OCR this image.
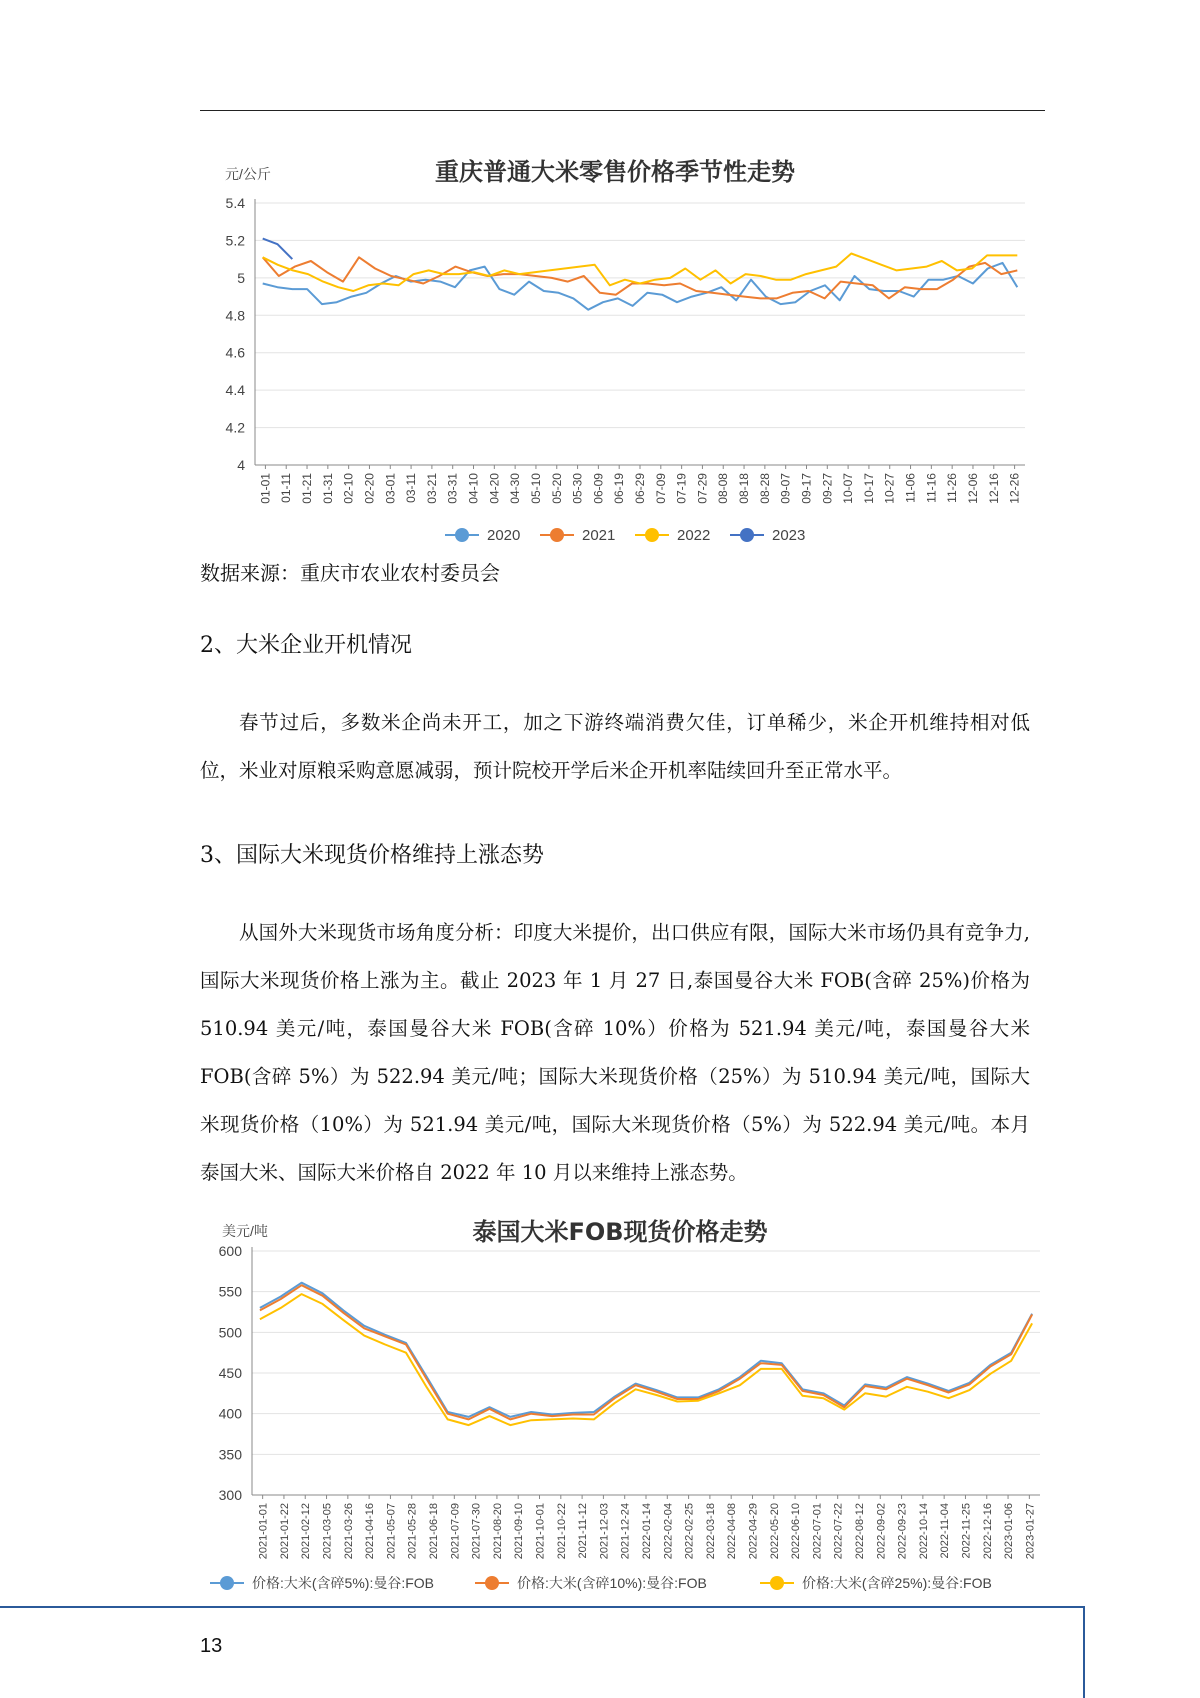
重庆普通大米零售价格季节性走势
元/公斤
5.4
5.2
5
4.8
4.6
4.4
4.2
4
01-01 01-11 01-21 01-31 02-10 02-20 03-01 03-11 03-21 03-31 04-10 04-20 04-30 05-10 05-20 05-30 06-09 06-19 06-29 07-09 07-19 07-29 08-08 08-18 08-28 09-07 09-17 09-27 10-07 10-17 10-27 11-06 11-16 11-26 12-06 12-16 12-26
2020	2021	2022	2023
数据来源：重庆市农业农村委员会
2、大米企业开机情况

春节过后，多数米企尚未开工，加之下游终端消费欠佳，订单稀少，米企开机维持相对低位，米业对原粮采购意愿减弱，预计院校开学后米企开机率陆续回升至正常水平。

3、国际大米现货价格维持上涨态势

从国外大米现货市场角度分析：印度大米提价，出口供应有限，国际大米市场仍具有竞争力,国际大米现货价格上涨为主。截止 2023 年 1 月 27 日,泰国曼谷大米 FOB(含碎 25%)价格为 510.94 美元/吨，泰国曼谷大米 FOB(含碎 10%）价格为 521.94 美元/吨，泰国曼谷大米 FOB(含碎 5%）为 522.94 美元/吨；国际大米现货价格（25%）为 510.94 美元/吨，国际大米现货价格（10%）为 521.94 美元/吨，国际大米现货价格（5%）为 522.94 美元/吨。本月泰国大米、国际大米价格自 2022 年 10 月以来维持上涨态势。

泰国大米FOB现货价格走势
美元/吨
600
550
500
450
400
350
300
2021-01-01 2021-01-22 2021-02-12 2021-03-05 2021-03-26 2021-04-16 2021-05-07 2021-05-28 2021-06-18 2021-07-09 2021-07-30 2021-08-20 2021-09-10 2021-10-01 2021-10-22 2021-11-12 2021-12-03 2021-12-24 2022-01-14 2022-02-04 2022-02-25 2022-03-18 2022-04-08 2022-04-29 2022-05-20 2022-06-10 2022-07-01 2022-07-22 2022-08-12 2022-09-02 2022-09-23 2022-10-14 2022-11-04 2022-11-25 2022-12-16 2023-01-06 2023-01-27
价格:大米(含碎5%):曼谷:FOB	价格:大米(含碎10%):曼谷:FOB	价格:大米(含碎25%):曼谷:FOB
13
